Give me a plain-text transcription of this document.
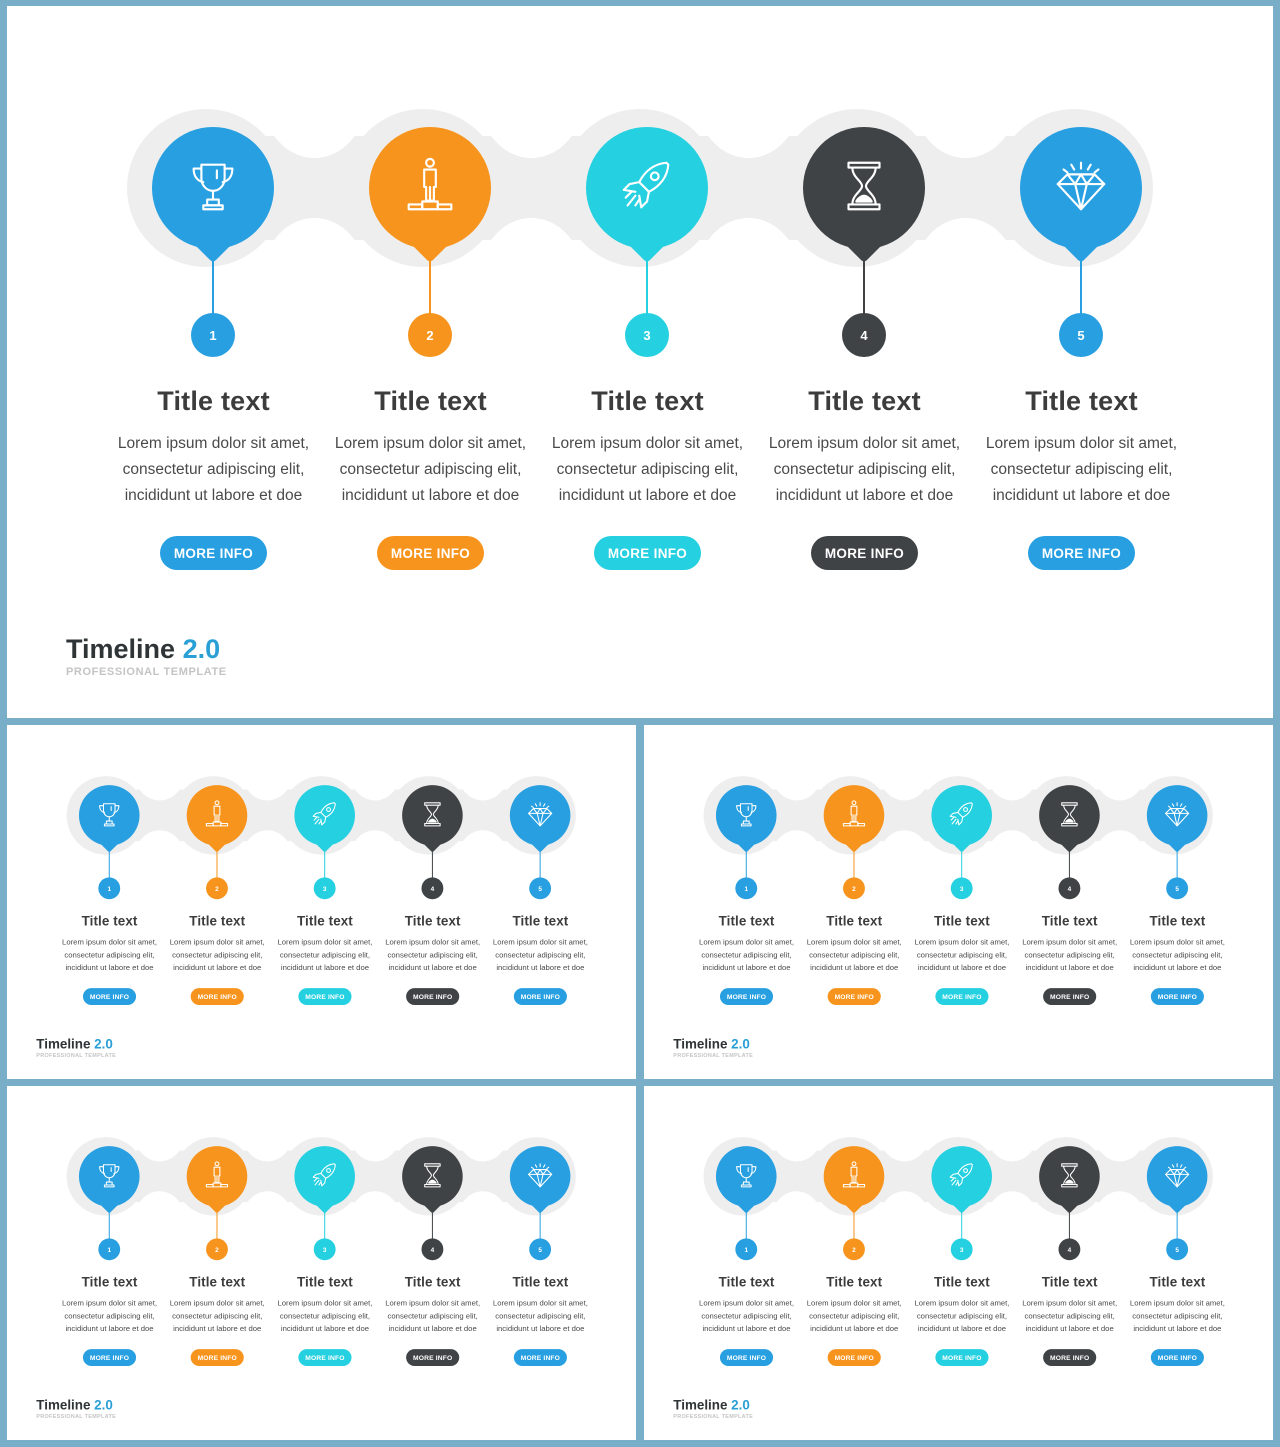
1
Title text
Lorem ipsum dolor sit amet,
consectetur adipiscing elit,
incididunt ut labore et doe
MORE INFO
2
Title text
Lorem ipsum dolor sit amet,
consectetur adipiscing elit,
incididunt ut labore et doe
MORE INFO
3
Title text
Lorem ipsum dolor sit amet,
consectetur adipiscing elit,
incididunt ut labore et doe
MORE INFO
4
Title text
Lorem ipsum dolor sit amet,
consectetur adipiscing elit,
incididunt ut labore et doe
MORE INFO
5
Title text
Lorem ipsum dolor sit amet,
consectetur adipiscing elit,
incididunt ut labore et doe
MORE INFO
Timeline 2.0
PROFESSIONAL TEMPLATE
1
Title text
Lorem ipsum dolor sit amet,
consectetur adipiscing elit,
incididunt ut labore et doe
MORE INFO
2
Title text
Lorem ipsum dolor sit amet,
consectetur adipiscing elit,
incididunt ut labore et doe
MORE INFO
3
Title text
Lorem ipsum dolor sit amet,
consectetur adipiscing elit,
incididunt ut labore et doe
MORE INFO
4
Title text
Lorem ipsum dolor sit amet,
consectetur adipiscing elit,
incididunt ut labore et doe
MORE INFO
5
Title text
Lorem ipsum dolor sit amet,
consectetur adipiscing elit,
incididunt ut labore et doe
MORE INFO
Timeline 2.0
PROFESSIONAL TEMPLATE
1
Title text
Lorem ipsum dolor sit amet,
consectetur adipiscing elit,
incididunt ut labore et doe
MORE INFO
2
Title text
Lorem ipsum dolor sit amet,
consectetur adipiscing elit,
incididunt ut labore et doe
MORE INFO
3
Title text
Lorem ipsum dolor sit amet,
consectetur adipiscing elit,
incididunt ut labore et doe
MORE INFO
4
Title text
Lorem ipsum dolor sit amet,
consectetur adipiscing elit,
incididunt ut labore et doe
MORE INFO
5
Title text
Lorem ipsum dolor sit amet,
consectetur adipiscing elit,
incididunt ut labore et doe
MORE INFO
Timeline 2.0
PROFESSIONAL TEMPLATE
1
Title text
Lorem ipsum dolor sit amet,
consectetur adipiscing elit,
incididunt ut labore et doe
MORE INFO
2
Title text
Lorem ipsum dolor sit amet,
consectetur adipiscing elit,
incididunt ut labore et doe
MORE INFO
3
Title text
Lorem ipsum dolor sit amet,
consectetur adipiscing elit,
incididunt ut labore et doe
MORE INFO
4
Title text
Lorem ipsum dolor sit amet,
consectetur adipiscing elit,
incididunt ut labore et doe
MORE INFO
5
Title text
Lorem ipsum dolor sit amet,
consectetur adipiscing elit,
incididunt ut labore et doe
MORE INFO
Timeline 2.0
PROFESSIONAL TEMPLATE
1
Title text
Lorem ipsum dolor sit amet,
consectetur adipiscing elit,
incididunt ut labore et doe
MORE INFO
2
Title text
Lorem ipsum dolor sit amet,
consectetur adipiscing elit,
incididunt ut labore et doe
MORE INFO
3
Title text
Lorem ipsum dolor sit amet,
consectetur adipiscing elit,
incididunt ut labore et doe
MORE INFO
4
Title text
Lorem ipsum dolor sit amet,
consectetur adipiscing elit,
incididunt ut labore et doe
MORE INFO
5
Title text
Lorem ipsum dolor sit amet,
consectetur adipiscing elit,
incididunt ut labore et doe
MORE INFO
Timeline 2.0
PROFESSIONAL TEMPLATE
